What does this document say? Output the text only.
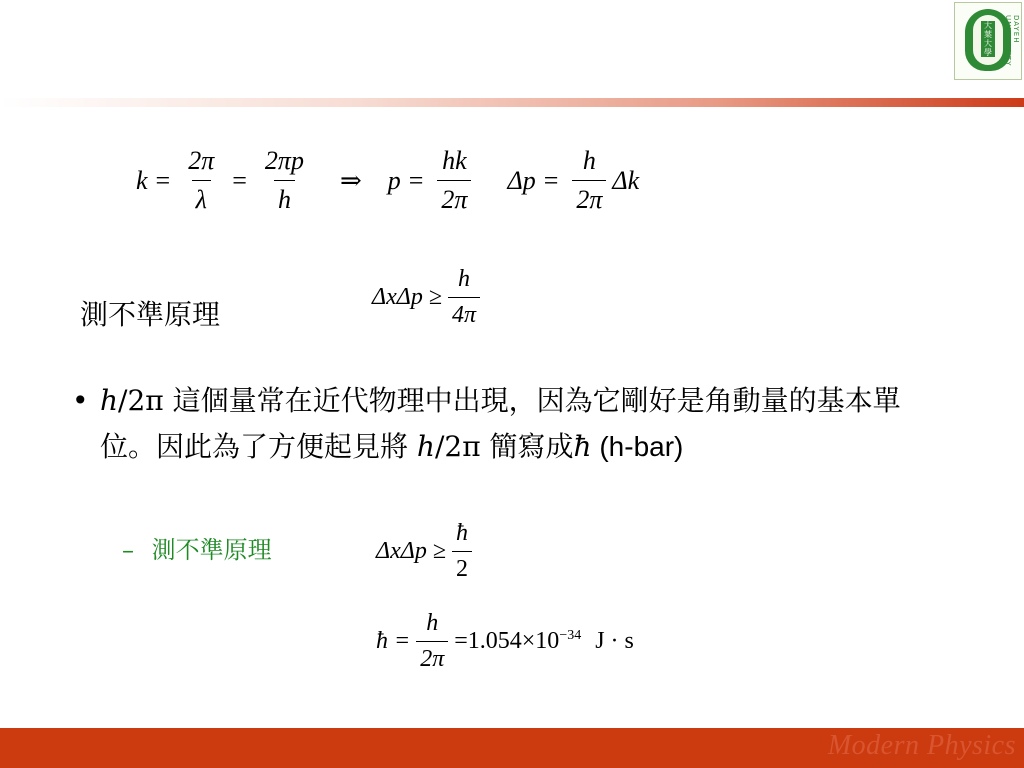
大葉大學
DAYEH UNIVERSITY
$k = \frac{2\pi}{\lambda} = \frac{2\pi p}{h}$ ⇒ $p = \frac{hk}{2\pi}$ $\Delta p = \frac{h}{2\pi}$ Δk
測不準原理
$\Delta x\Delta p \ge \frac{h}{4\pi}$
• h/2π 這個量常在近代物理中出現，因為它剛好是角動量的基本單位。因此為了方便起見將 h/2π 簡寫成ħ (h-bar)
– 測不準原理	$\Delta x\Delta p \ge \frac{ħ}{2}$
ħ = $\frac{h}{2\pi} =1.054\times 10^{-34}$ J · s
Modern Physics
